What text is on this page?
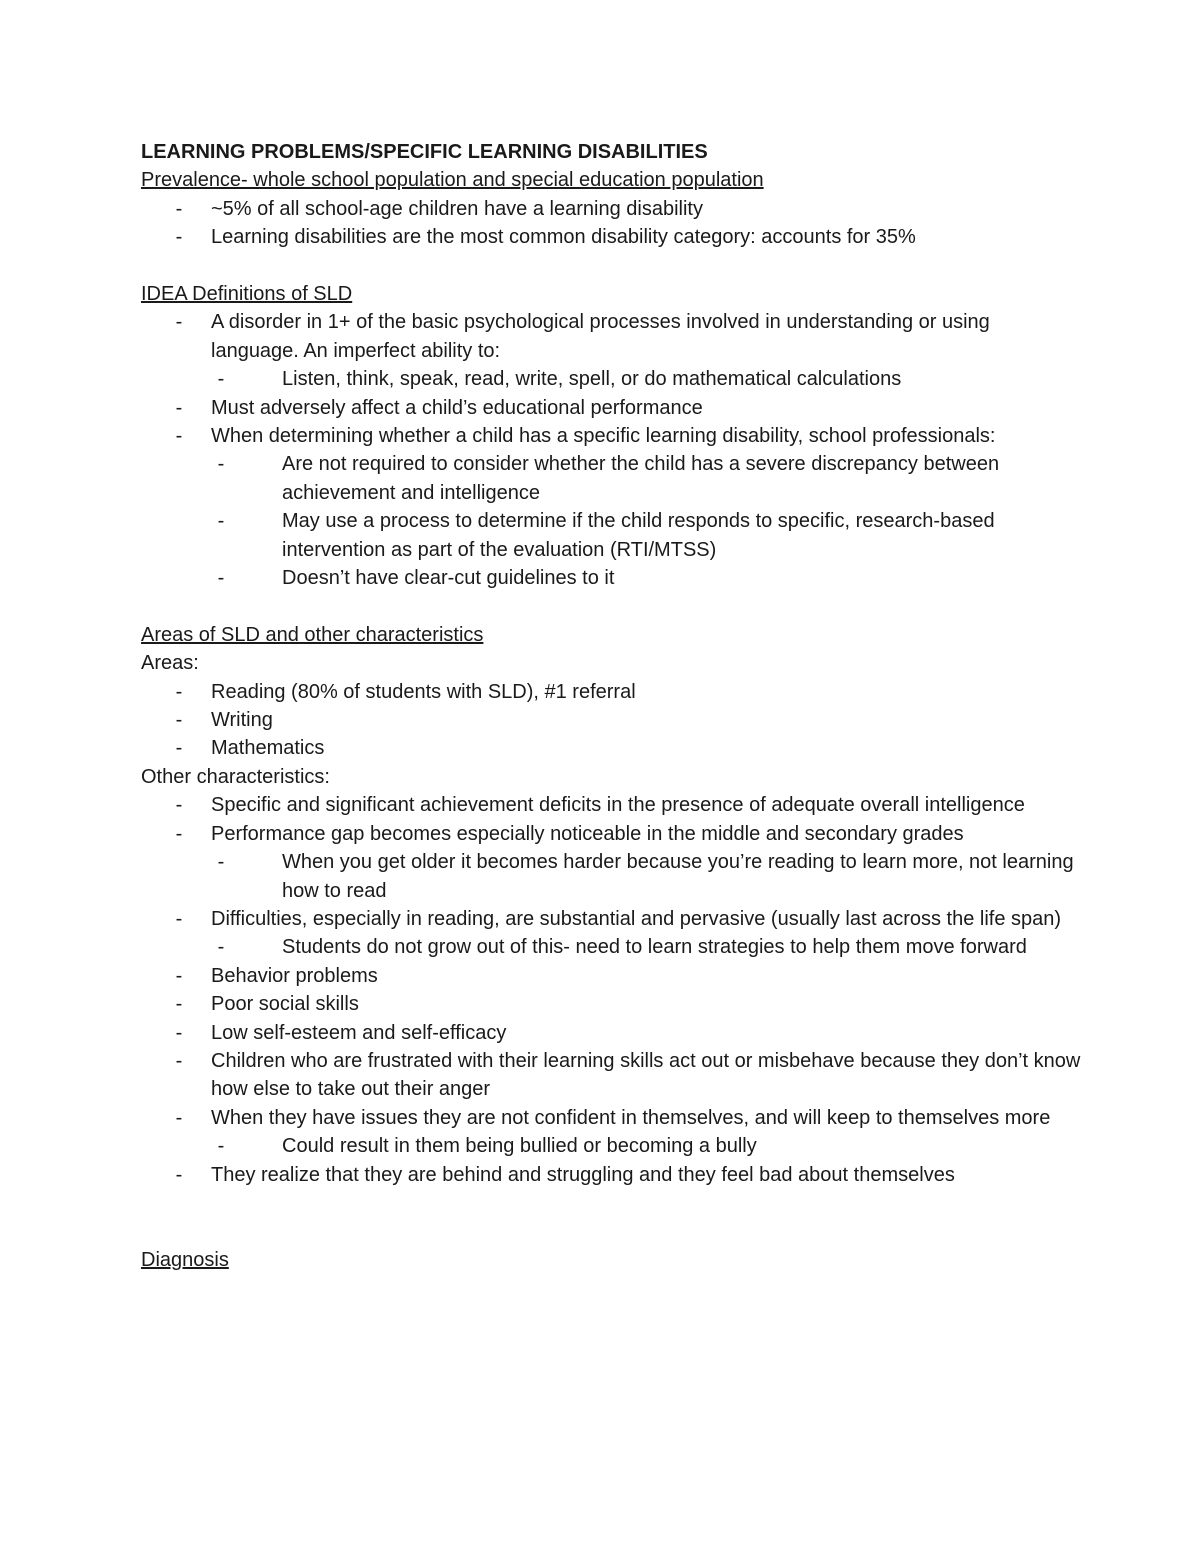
LEARNING PROBLEMS/SPECIFIC LEARNING DISABILITIES
Prevalence- whole school population and special education population
-	~5% of all school-age children have a learning disability
-	Learning disabilities are the most common disability category: accounts for 35%
IDEA Definitions of SLD
-	A disorder in 1+ of the basic psychological processes involved in understanding or using language. An imperfect ability to:
-	Listen, think, speak, read, write, spell, or do mathematical calculations
-	Must adversely affect a child’s educational performance
-	When determining whether a child has a specific learning disability, school professionals:
-	Are not required to consider whether the child has a severe discrepancy between achievement and intelligence
-	May use a process to determine if the child responds to specific, research-based intervention as part of the evaluation (RTI/MTSS)
-	Doesn’t have clear-cut guidelines to it
Areas of SLD and other characteristics
Areas:
-	Reading (80% of students with SLD), #1 referral
-	Writing
-	Mathematics
Other characteristics:
-	Specific and significant achievement deficits in the presence of adequate overall intelligence
-	Performance gap becomes especially noticeable in the middle and secondary grades
-	When you get older it becomes harder because you’re reading to learn more, not learning how to read
-	Difficulties, especially in reading, are substantial and pervasive (usually last across the life span)
-	Students do not grow out of this- need to learn strategies to help them move forward
-	Behavior problems
-	Poor social skills
-	Low self-esteem and self-efficacy
-	Children who are frustrated with their learning skills act out or misbehave because they don’t know how else to take out their anger
-	When they have issues they are not confident in themselves, and will keep to themselves more
-	Could result in them being bullied or becoming a bully
-	They realize that they are behind and struggling and they feel bad about themselves
Diagnosis
